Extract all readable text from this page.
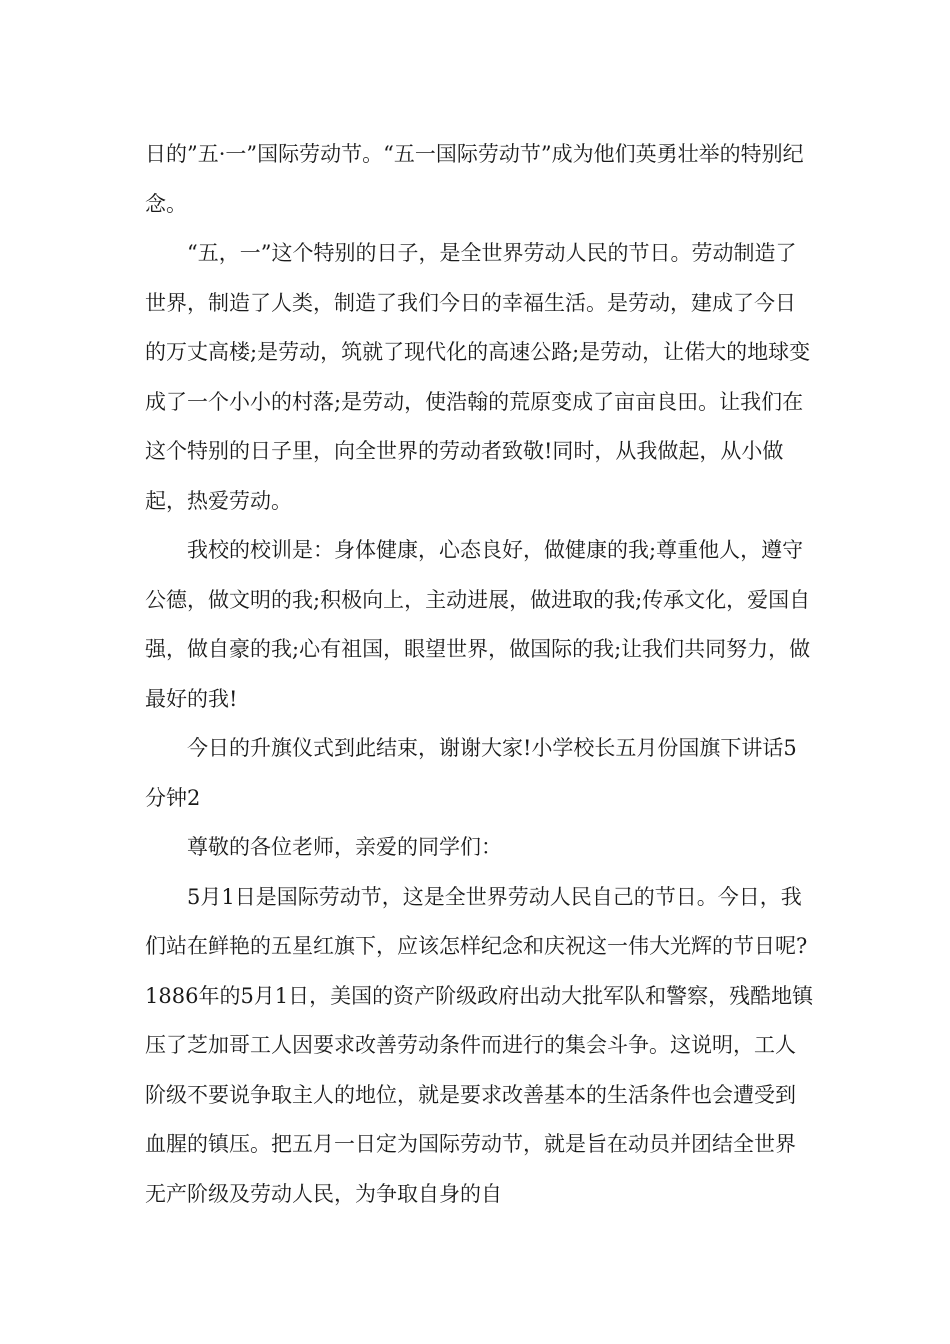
日的”五·一”国际劳动节。“五一国际劳动节”成为他们英勇壮举的特别纪念。

“五，一”这个特别的日子，是全世界劳动人民的节日。劳动制造了世界，制造了人类，制造了我们今日的幸福生活。是劳动，建成了今日的万丈高楼;是劳动，筑就了现代化的高速公路;是劳动，让偌大的地球变成了一个小小的村落;是劳动，使浩翰的荒原变成了亩亩良田。让我们在这个特别的日子里，向全世界的劳动者致敬!同时，从我做起，从小做起，热爱劳动。

我校的校训是：身体健康，心态良好，做健康的我;尊重他人，遵守公德，做文明的我;积极向上，主动进展，做进取的我;传承文化，爱国自强，做自豪的我;心有祖国，眼望世界，做国际的我;让我们共同努力，做最好的我!

今日的升旗仪式到此结束，谢谢大家!小学校长五月份国旗下讲话5分钟2

尊敬的各位老师，亲爱的同学们：

5月1日是国际劳动节，这是全世界劳动人民自己的节日。今日，我们站在鲜艳的五星红旗下，应该怎样纪念和庆祝这一伟大光辉的节日呢?1886年的5月1日，美国的资产阶级政府出动大批军队和警察，残酷地镇压了芝加哥工人因要求改善劳动条件而进行的集会斗争。这说明，工人阶级不要说争取主人的地位，就是要求改善基本的生活条件也会遭受到血腥的镇压。把五月一日定为国际劳动节，就是旨在动员并团结全世界无产阶级及劳动人民，为争取自身的自
